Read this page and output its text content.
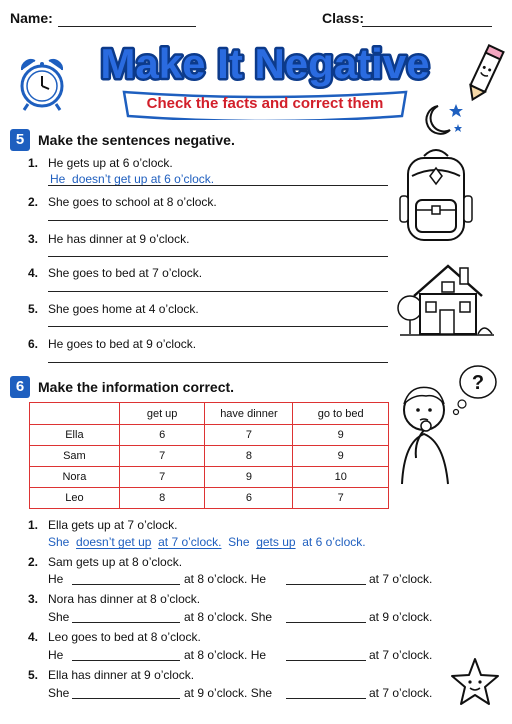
Name:	Class:
Make It Negative
Check the facts and correct them
5 Make the sentences negative.
1. He gets up at 6 o’clock.
He doesn’t get up at 6 o’clock.
2. She goes to school at 8 o’clock.
3. He has dinner at 9 o’clock.
4. She goes to bed at 7 o’clock.
5. She goes home at 4 o’clock.
6. He goes to bed at 9 o’clock.
6 Make the information correct.
	get up	have dinner	go to bed
Ella	6	7	9
Sam	7	8	9
Nora	7	9	10
Leo	8	6	7
?
1. Ella gets up at 7 o’clock.
She doesn’t get up at 7 o’clock. She gets up at 6 o’clock.
2. Sam gets up at 8 o’clock.
He	at 8 o’clock. He	at 7 o’clock.
3. Nora has dinner at 8 o’clock.
She	at 8 o’clock. She	at 9 o’clock.
4. Leo goes to bed at 8 o’clock.
He	at 8 o’clock. He	at 7 o’clock.
5. Ella has dinner at 9 o’clock.
She	at 9 o’clock. She	at 7 o’clock.
